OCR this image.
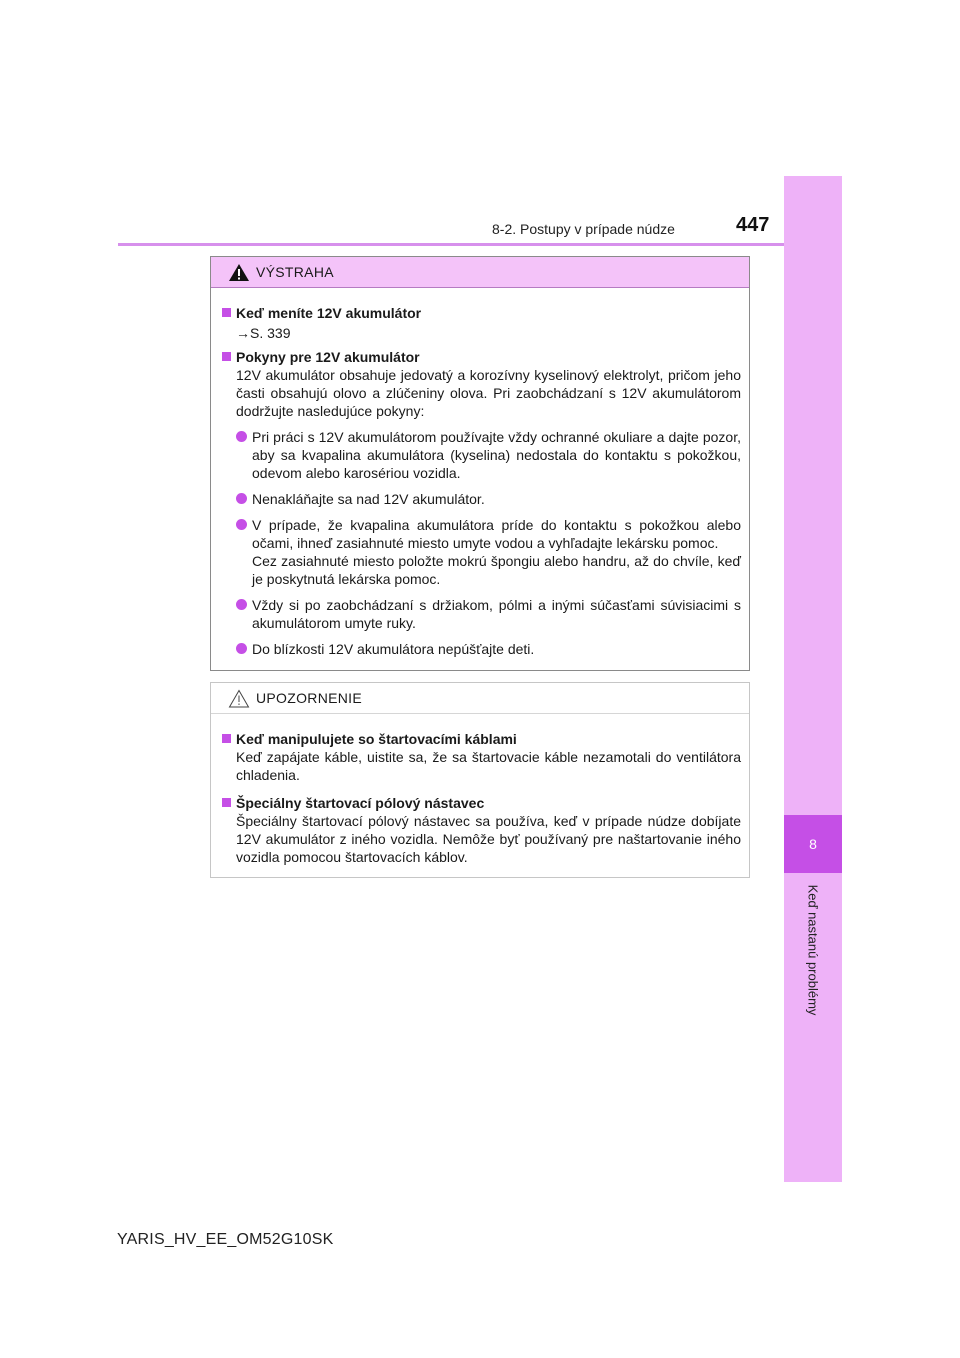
8-2. Postupy v prípade núdze	447
8
Keď nastanú problémy
VÝSTRAHA
Keď meníte 12V akumulátor
→S. 339
Pokyny pre 12V akumulátor
12V akumulátor obsahuje jedovatý a korozívny kyselinový elektrolyt, pričom jeho časti obsahujú olovo a zlúčeniny olova. Pri zaobchádzaní s 12V akumulátorom dodržujte nasledujúce pokyny:
Pri práci s 12V akumulátorom používajte vždy ochranné okuliare a dajte pozor, aby sa kvapalina akumulátora (kyselina) nedostala do kontaktu s pokožkou, odevom alebo karosériou vozidla.
Nenakláňajte sa nad 12V akumulátor.
V prípade, že kvapalina akumulátora príde do kontaktu s pokožkou alebo očami, ihneď zasiahnuté miesto umyte vodou a vyhľadajte lekársku pomoc.
Cez zasiahnuté miesto položte mokrú špongiu alebo handru, až do chvíle, keď je poskytnutá lekárska pomoc.
Vždy si po zaobchádzaní s držiakom, pólmi a inými súčasťami súvisiacimi s akumulátorom umyte ruky.
Do blízkosti 12V akumulátora nepúšťajte deti.
UPOZORNENIE
Keď manipulujete so štartovacími káblami
Keď zapájate káble, uistite sa, že sa štartovacie káble nezamotali do ventilátora chladenia.
Špeciálny štartovací pólový nástavec
Špeciálny štartovací pólový nástavec sa používa, keď v prípade núdze dobíjate 12V akumulátor z iného vozidla. Nemôže byť používaný pre naštartovanie iného vozidla pomocou štartovacích káblov.
YARIS_HV_EE_OM52G10SK
